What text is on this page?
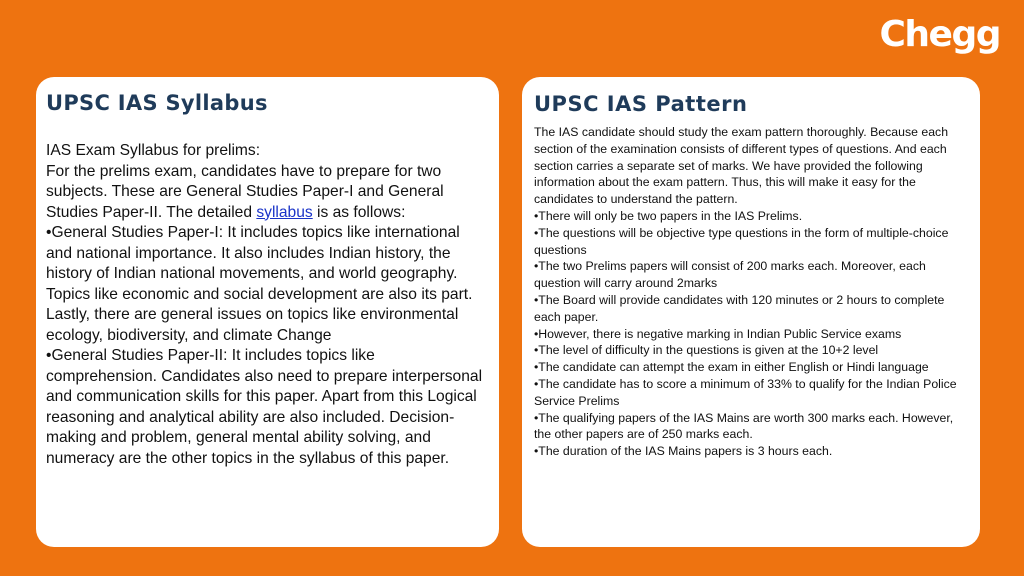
Chegg
UPSC IAS Syllabus

IAS Exam Syllabus for prelims:

For the prelims exam, candidates have to prepare for two subjects. These are General Studies Paper-I and General Studies Paper-II. The detailed syllabus is as follows:

•General Studies Paper-I: It includes topics like international and national importance. It also includes Indian history, the history of Indian national movements, and world geography. Topics like economic and social development are also its part. Lastly, there are general issues on topics like environmental ecology, biodiversity, and climate Change

•General Studies Paper-II: It includes topics like comprehension. Candidates also need to prepare interpersonal and communication skills for this paper. Apart from this Logical reasoning and analytical ability are also included. Decision-making and problem, general mental ability solving, and numeracy are the other topics in the syllabus of this paper.

UPSC IAS Pattern

The IAS candidate should study the exam pattern thoroughly. Because each section of the examination consists of different types of questions. And each section carries a separate set of marks. We have provided the following information about the exam pattern. Thus, this will make it easy for the candidates to understand the pattern.

•There will only be two papers in the IAS Prelims.

•The questions will be objective type questions in the form of multiple-choice questions

•The two Prelims papers will consist of 200 marks each. Moreover, each question will carry around 2marks

•The Board will provide candidates with 120 minutes or 2 hours to complete each paper.

•However, there is negative marking in Indian Public Service exams

•The level of difficulty in the questions is given at the 10+2 level

•The candidate can attempt the exam in either English or Hindi language

•The candidate has to score a minimum of 33% to qualify for the Indian Police Service Prelims

•The qualifying papers of the IAS Mains are worth 300 marks each. However, the other papers are of 250 marks each.

•The duration of the IAS Mains papers is 3 hours each.
